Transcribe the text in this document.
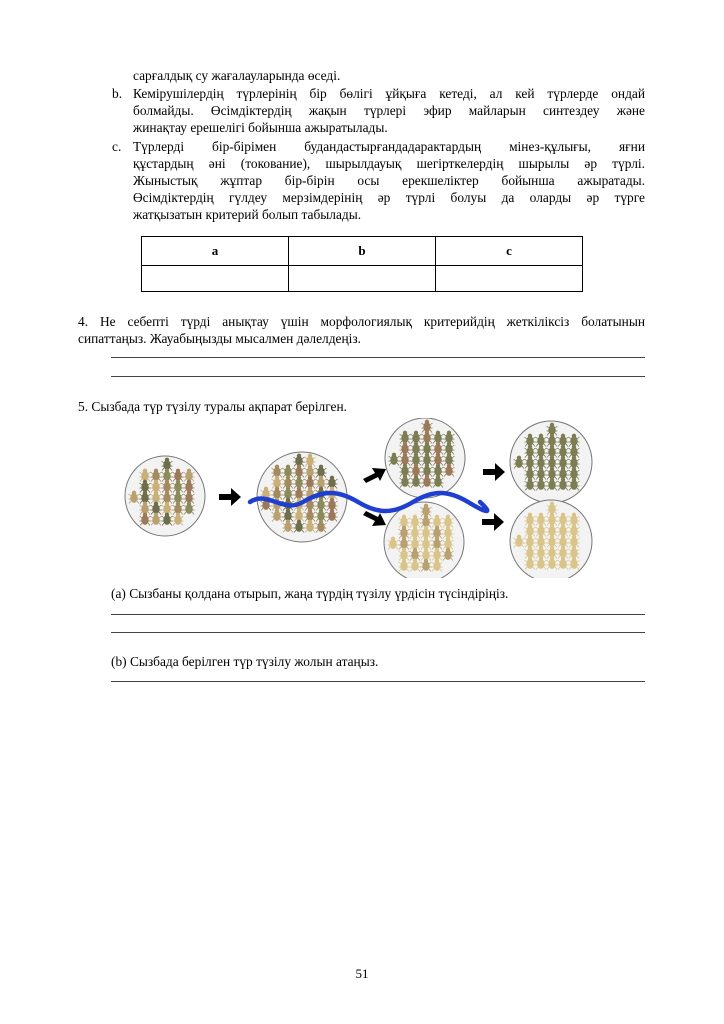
сарғалдық су жағалауларында өседі.
b. Кемірушілердің түрлерінің бір бөлігі ұйқыға кетеді, ал кей түрлерде ондай
болмайды. Өсімдіктердің жақын түрлері эфир майларын синтездеу және
жинақтау ерешелігі бойынша ажыратылады.
c. Түрлерді бір-бірімен будандастырғандадарактардың мінез-құлығы, яғни
құстардың әні (токование), шырылдауық шегірткелердің шырылы әр түрлі.
Жыныстық жұптар бір-бірін осы ерекшеліктер бойынша ажыратады.
Өсімдіктердің гүлдеу мерзімдерінің әр түрлі болуы да оларды әр түрге
жатқызатын критерий болып табылады.
a	b	c

4. Не себепті түрді анықтау үшін морфологиялық критерийдің жеткіліксіз болатынын
сипаттаңыз. Жауабыңызды мысалмен дәлелдеңіз.
5. Сызбада түр түзілу туралы ақпарат берілген.
(a) Сызбаны қолдана отырып, жаңа түрдің түзілу үрдісін түсіндіріңіз.
(b) Сызбада берілген түр түзілу жолын атаңыз.
51
